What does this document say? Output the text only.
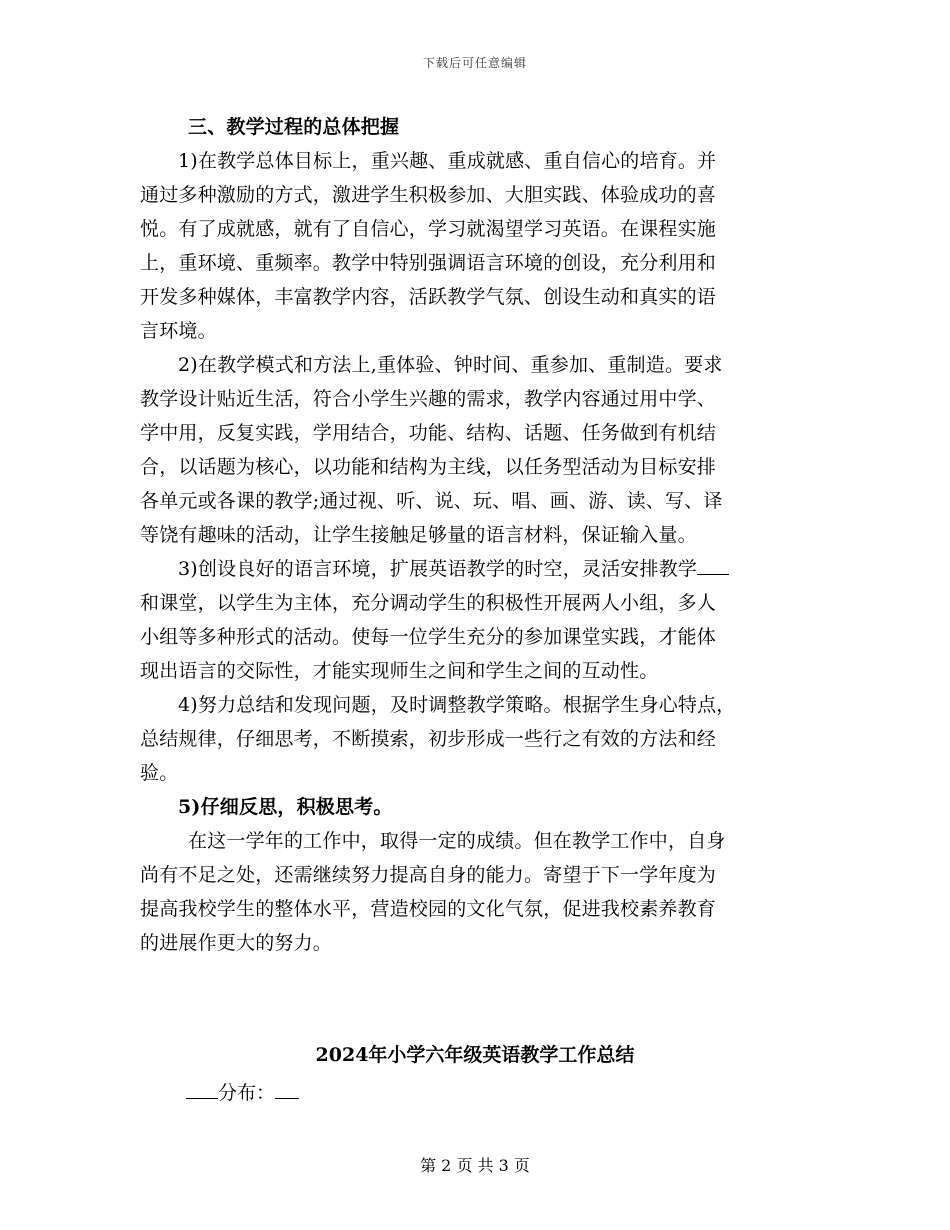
下载后可任意编辑
三、教学过程的总体把握
1)在教学总体目标上，重兴趣、重成就感、重自信心的培育。并
通过多种激励的方式，激进学生积极参加、大胆实践、体验成功的喜
悦。有了成就感，就有了自信心，学习就渴望学习英语。在课程实施
上，重环境、重频率。教学中特别强调语言环境的创设，充分利用和
开发多种媒体，丰富教学内容，活跃教学气氛、创设生动和真实的语
言环境。
2)在教学模式和方法上,重体验、钟时间、重参加、重制造。要求
教学设计贴近生活，符合小学生兴趣的需求，教学内容通过用中学、
学中用，反复实践，学用结合，功能、结构、话题、任务做到有机结
合，以话题为核心，以功能和结构为主线，以任务型活动为目标安排
各单元或各课的教学;通过视、听、说、玩、唱、画、游、读、写、译
等饶有趣味的活动，让学生接触足够量的语言材料，保证输入量。
3)创设良好的语言环境，扩展英语教学的时空，灵活安排教学
和课堂，以学生为主体，充分调动学生的积极性开展两人小组，多人
小组等多种形式的活动。使每一位学生充分的参加课堂实践，才能体
现出语言的交际性，才能实现师生之间和学生之间的互动性。
4)努力总结和发现问题，及时调整教学策略。根据学生身心特点，
总结规律，仔细思考，不断摸索，初步形成一些行之有效的方法和经
验。
5)仔细反思，积极思考。
在这一学年的工作中，取得一定的成绩。但在教学工作中，自身
尚有不足之处，还需继续努力提高自身的能力。寄望于下一学年度为
提高我校学生的整体水平，营造校园的文化气氛，促进我校素养教育
的进展作更大的努力。
2024年小学六年级英语教学工作总结
分布：
第 2 页 共 3 页
